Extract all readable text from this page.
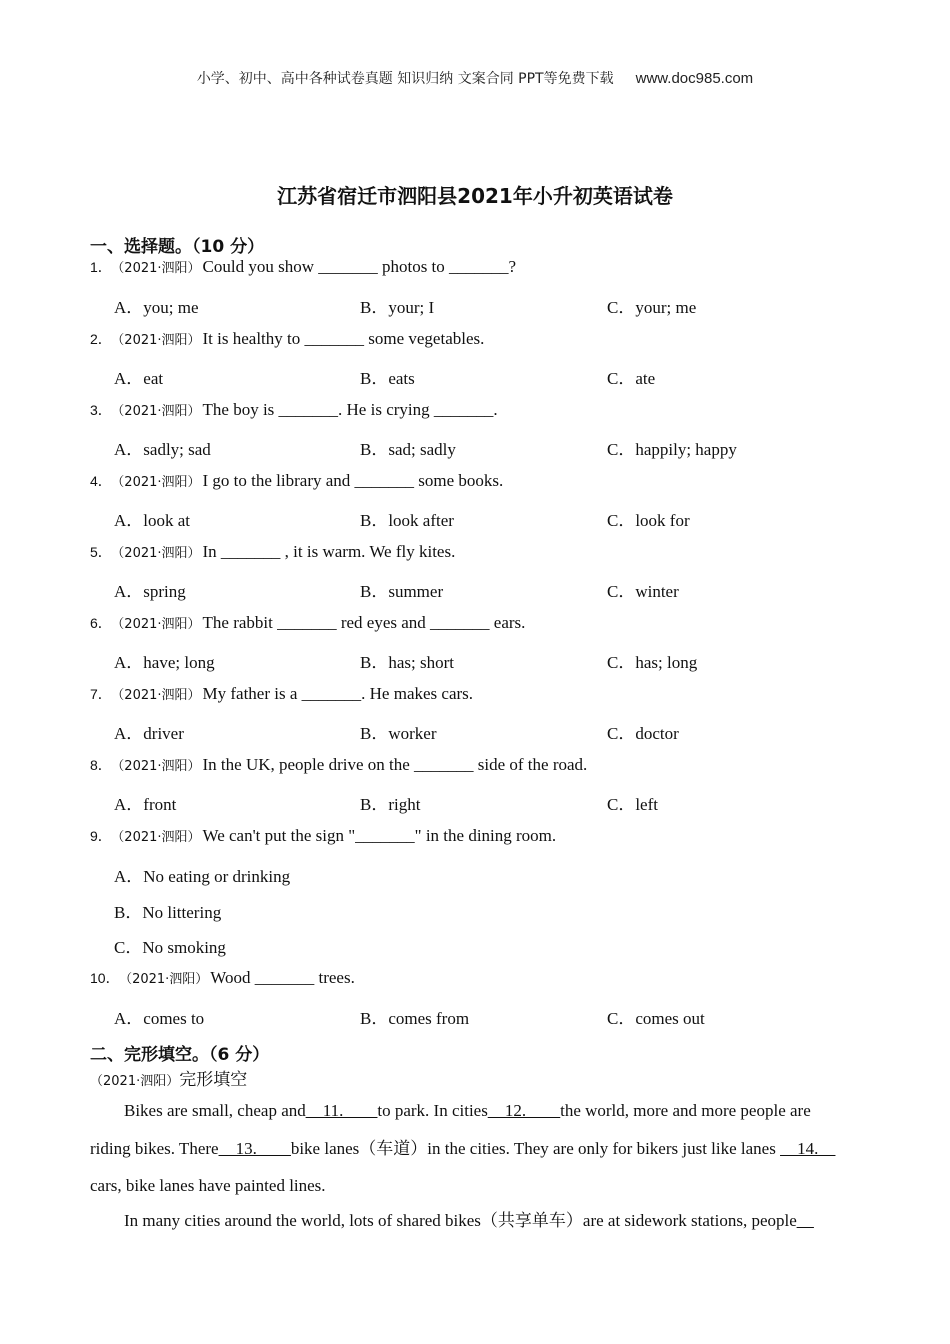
小学、初中、高中各种试卷真题 知识归纳 文案合同 PPT等免费下载 www.doc985.com
江苏省宿迁市泗阳县2021年小升初英语试卷
一、选择题。（10 分）
1． （2021·泗阳） Could you show _______ photos to _______?
A．you; me	B．your; I	C．your; me
2． （2021·泗阳） It is healthy to _______ some vegetables.
A．eat	B．eats	C．ate
3． （2021·泗阳） The boy is _______. He is crying _______.
A．sadly; sad	B．sad; sadly	C．happily; happy
4． （2021·泗阳） I go to the library and _______ some books.
A．look at	B．look after	C．look for
5． （2021·泗阳） In _______ , it is warm. We fly kites.
A．spring	B．summer	C．winter
6． （2021·泗阳） The rabbit _______ red eyes and _______ ears.
A．have; long	B．has; short	C．has; long
7． （2021·泗阳） My father is a _______. He makes cars.
A．driver	B．worker	C．doctor
8． （2021·泗阳） In the UK, people drive on the _______ side of the road.
A．front	B．right	C．left
9． （2021·泗阳） We can't put the sign "_______" in the dining room.
A．No eating or drinking
B．No littering
C．No smoking
10． （2021·泗阳） Wood _______ trees.
A．comes to	B．comes from	C．comes out
二、完形填空。（6 分）
（2021·泗阳）完形填空
Bikes are small, cheap and__11.____to park. In cities__12.____the world, more and more people are riding bikes. There__13.____bike lanes（车道）in the cities. They are only for bikers just like lanes __14.__ cars, bike lanes have painted lines.
In many cities around the world, lots of shared bikes（共享单车）are at sidework stations, people__
